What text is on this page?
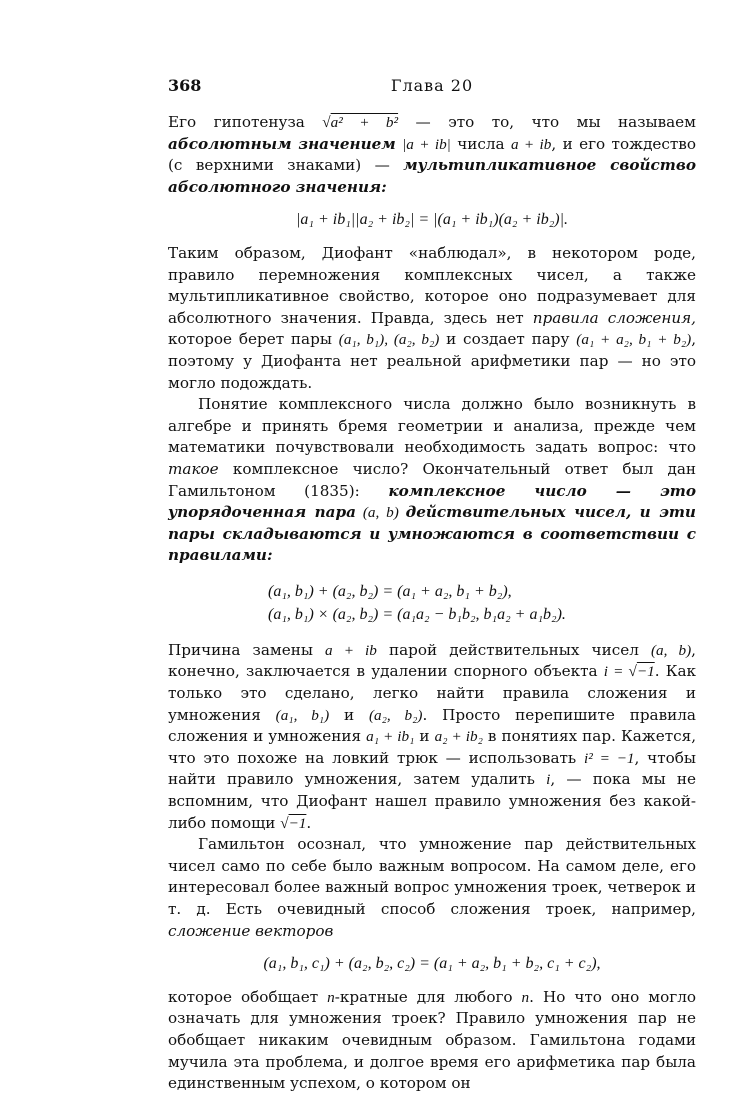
368	Глава 20

Его гипотенуза √a² + b² — это то, что мы называем абсолютным значением |a + ib| числа a + ib, и его тождество (с верхними знаками) — мультипликативное свойство абсолютного значения:

|a₁ + ib₁||a₂ + ib₂| = |(a₁ + ib₁)(a₂ + ib₂)|.

Таким образом, Диофант «наблюдал», в некотором роде, правило перемножения комплексных чисел, а также мультипликативное свойство, которое оно подразумевает для абсолютного значения. Правда, здесь нет правила сложения, которое берет пары (a₁, b₁), (a₂, b₂) и создает пару (a₁ + a₂, b₁ + b₂), поэтому у Диофанта нет реальной арифметики пар — но это могло подождать.

Понятие комплексного числа должно было возникнуть в алгебре и принять бремя геометрии и анализа, прежде чем математики почувствовали необходимость задать вопрос: что такое комплексное число? Окончательный ответ был дан Гамильтоном (1835): комплексное число — это упорядоченная пара (a, b) действительных чисел, и эти пары складываются и умножаются в соответствии с правилами:

(a₁, b₁) + (a₂, b₂) = (a₁ + a₂, b₁ + b₂),
(a₁, b₁) × (a₂, b₂) = (a₁a₂ − b₁b₂, b₁a₂ + a₁b₂).

Причина замены a + ib парой действительных чисел (a, b), конечно, заключается в удалении спорного объекта i = √−1. Как только это сделано, легко найти правила сложения и умножения (a₁, b₁) и (a₂, b₂). Просто перепишите правила сложения и умножения a₁ + ib₁ и a₂ + ib₂ в понятиях пар. Кажется, что это похоже на ловкий трюк — использовать i² = −1, чтобы найти правило умножения, затем удалить i, — пока мы не вспомним, что Диофант нашел правило умножения без какой-либо помощи √−1.

Гамильтон осознал, что умножение пар действительных чисел само по себе было важным вопросом. На самом деле, его интересовал более важный вопрос умножения троек, четверок и т. д. Есть очевидный способ сложения троек, например, сложение векторов

(a₁, b₁, c₁) + (a₂, b₂, c₂) = (a₁ + a₂, b₁ + b₂, c₁ + c₂),

которое обобщает n-кратные для любого n. Но что оно могло означать для умножения троек? Правило умножения пар не обобщает никаким очевидным образом. Гамильтона годами мучила эта проблема, и долгое время его арифметика пар была единственным успехом, о котором он
